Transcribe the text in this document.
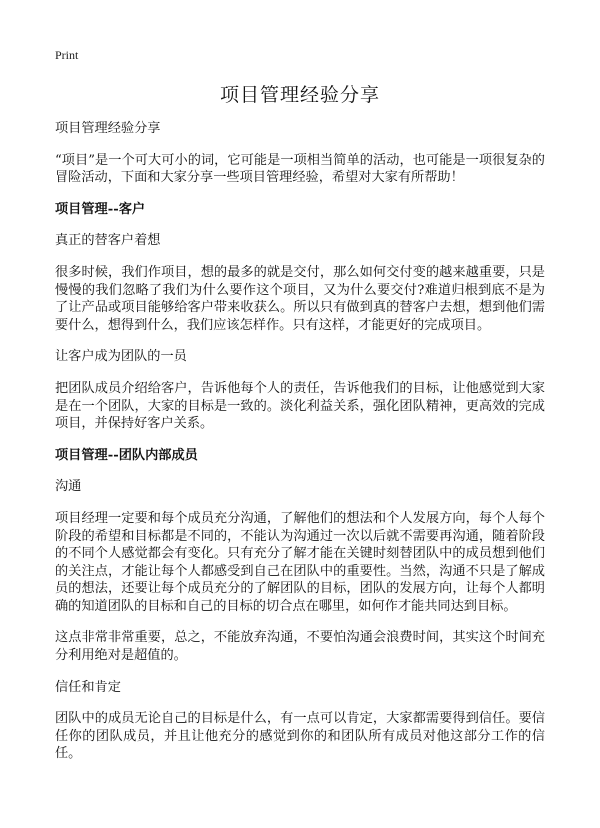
Print
项目管理经验分享

项目管理经验分享

“项目”是一个可大可小的词，它可能是一项相当简单的活动，也可能是一项很复杂的冒险活动，下面和大家分享一些项目管理经验，希望对大家有所帮助！

项目管理--客户

真正的替客户着想

很多时候，我们作项目，想的最多的就是交付，那么如何交付变的越来越重要，只是慢慢的我们忽略了我们为什么要作这个项目，又为什么要交付?难道归根到底不是为了让产品或项目能够给客户带来收获么。所以只有做到真的替客户去想，想到他们需要什么，想得到什么，我们应该怎样作。只有这样，才能更好的完成项目。

让客户成为团队的一员

把团队成员介绍给客户，告诉他每个人的责任，告诉他我们的目标，让他感觉到大家是在一个团队，大家的目标是一致的。淡化利益关系，强化团队精神，更高效的完成项目，并保持好客户关系。

项目管理--团队内部成员

沟通

项目经理一定要和每个成员充分沟通，了解他们的想法和个人发展方向，每个人每个阶段的希望和目标都是不同的，不能认为沟通过一次以后就不需要再沟通，随着阶段的不同个人感觉都会有变化。只有充分了解才能在关键时刻替团队中的成员想到他们的关注点，才能让每个人都感受到自己在团队中的重要性。当然，沟通不只是了解成员的想法，还要让每个成员充分的了解团队的目标，团队的发展方向，让每个人都明确的知道团队的目标和自己的目标的切合点在哪里，如何作才能共同达到目标。

这点非常非常重要，总之，不能放弃沟通，不要怕沟通会浪费时间，其实这个时间充分利用绝对是超值的。

信任和肯定

团队中的成员无论自己的目标是什么，有一点可以肯定，大家都需要得到信任。要信任你的团队成员，并且让他充分的感觉到你的和团队所有成员对他这部分工作的信任。
